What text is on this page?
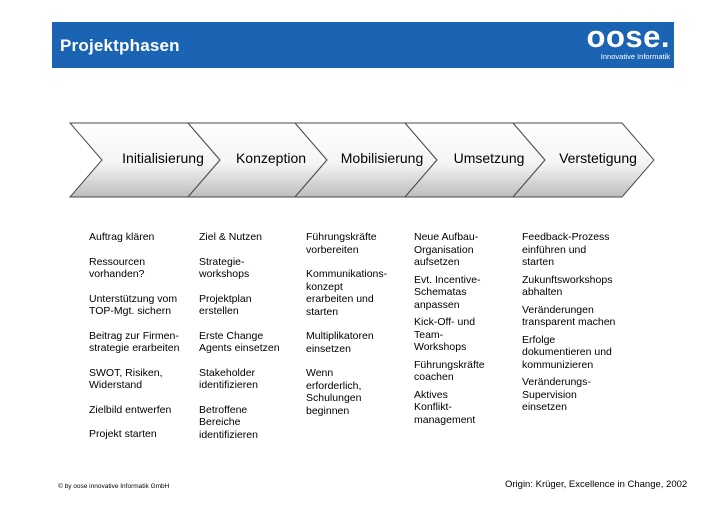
Projektphasen	oose.
Innovative Informatik
Initialisierung	Konzeption	Mobilisierung	Umsetzung	Verstetigung
Auftrag klären
Ressourcen
vorhanden?
Unterstützung vom
TOP-Mgt. sichern
Beitrag zur Firmen-
strategie erarbeiten
SWOT, Risiken,
Widerstand
Zielbild entwerfen
Projekt starten
Ziel & Nutzen
Strategie-
workshops
Projektplan
erstellen
Erste Change
Agents einsetzen
Stakeholder
identifizieren
Betroffene
Bereiche
identifizieren
Führungskräfte
vorbereiten
Kommunikations-
konzept
erarbeiten und
starten
Multiplikatoren
einsetzen
Wenn
erforderlich,
Schulungen
beginnen
Neue Aufbau-
Organisation
aufsetzen
Evt. Incentive-
Schematas
anpassen
Kick-Off- und
Team-
Workshops
Führungskräfte
coachen
Aktives
Konflikt-
management
Feedback-Prozess
einführen und
starten
Zukunftsworkshops
abhalten
Veränderungen
transparent machen
Erfolge
dokumentieren und
kommunizieren
Veränderungs-
Supervision
einsetzen
© by oose innovative Informatik GmbH	Origin: Krüger, Excellence in Change, 2002
